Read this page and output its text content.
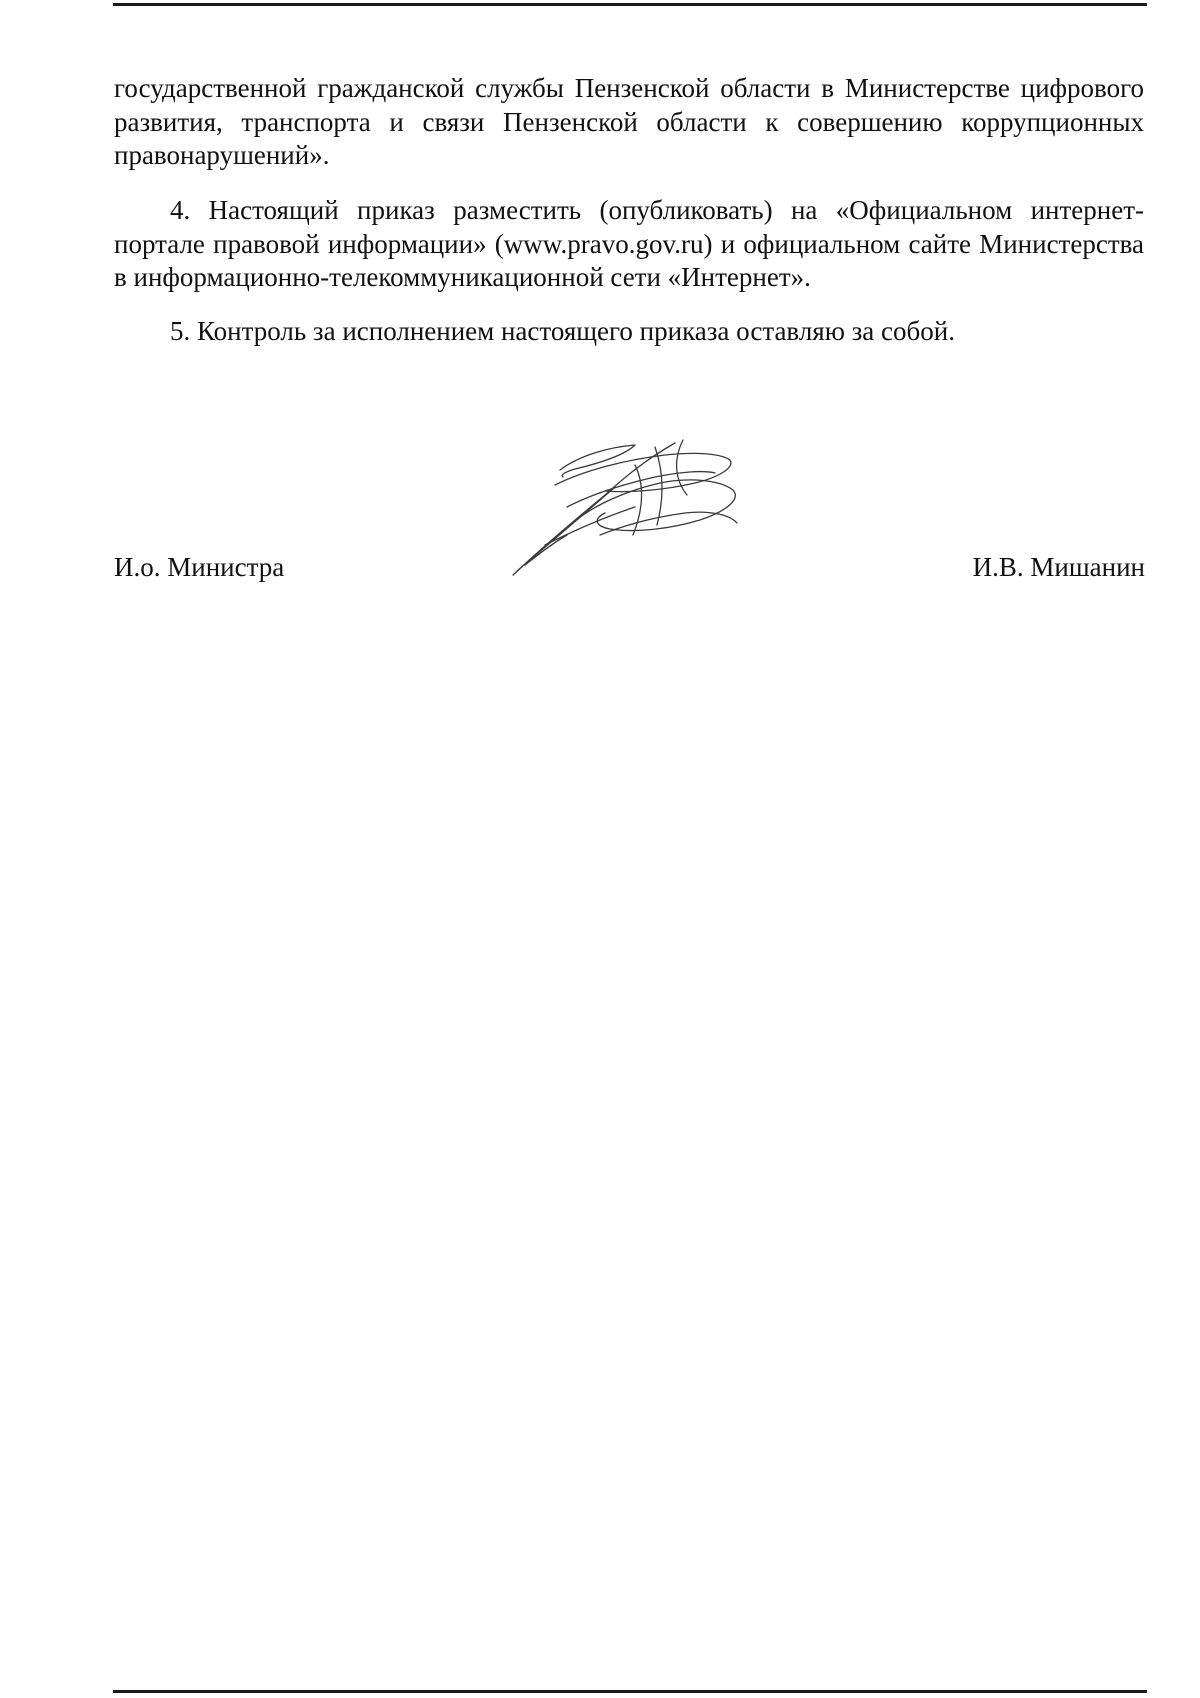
государственной гражданской службы Пензенской области в Министерстве цифрового развития, транспорта и связи Пензенской области к совершению коррупционных правонарушений».

4. Настоящий приказ разместить (опубликовать) на «Официальном интернет-портале правовой информации» (www.pravo.gov.ru) и официальном сайте Министерства в информационно-телекоммуникационной сети «Интернет».

5. Контроль за исполнением настоящего приказа оставляю за собой.

И.о. Министра	И.В. Мишанин
